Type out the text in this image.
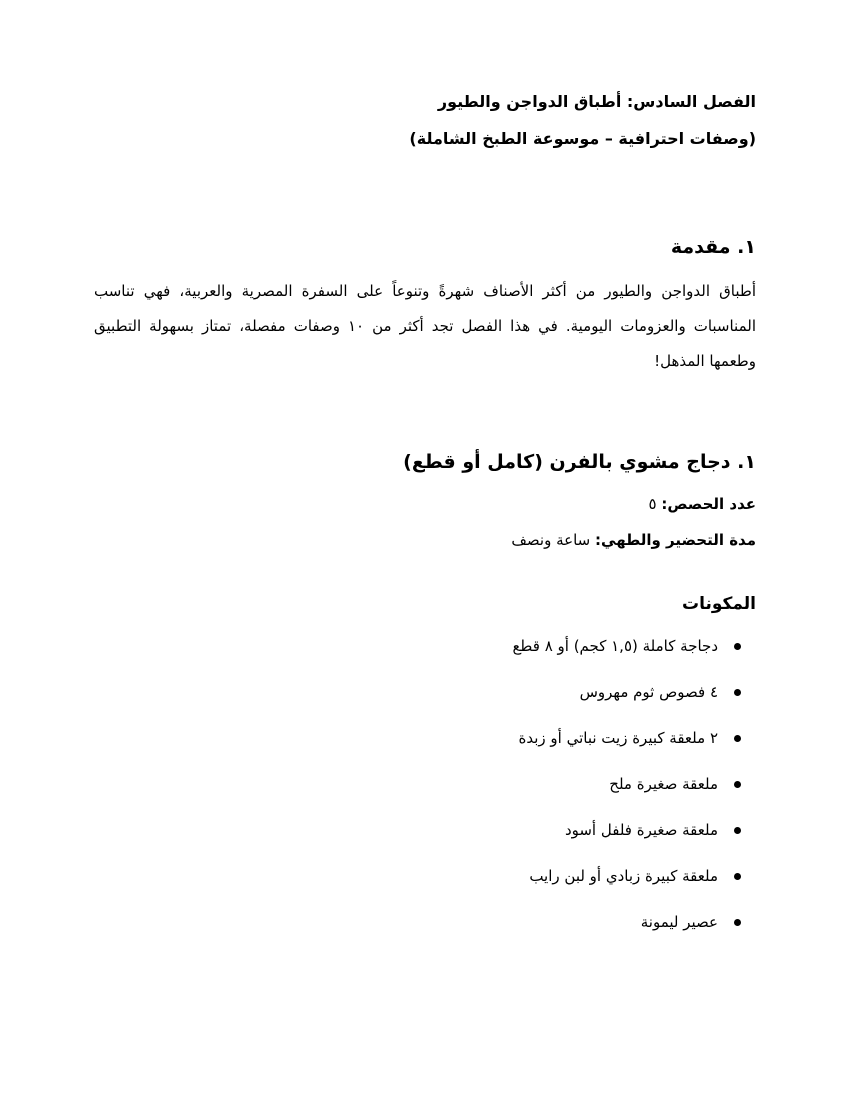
الفصل السادس: أطباق الدواجن والطيور

(وصفات احترافية – موسوعة الطبخ الشاملة)

١. مقدمة

أطباق الدواجن والطيور من أكثر الأصناف شهرةً وتنوعاً على السفرة المصرية والعربية، فهي تناسب المناسبات والعزومات اليومية. في هذا الفصل تجد أكثر من ١٠ وصفات مفصلة، تمتاز بسهولة التطبيق وطعمها المذهل!

١. دجاج مشوي بالفرن (كامل أو قطع)

عدد الحصص: ٥

مدة التحضير والطهي: ساعة ونصف

المكونات
دجاجة كاملة (١,٥ كجم) أو ٨ قطع
٤ فصوص ثوم مهروس
٢ ملعقة كبيرة زيت نباتي أو زبدة
ملعقة صغيرة ملح
ملعقة صغيرة فلفل أسود
ملعقة كبيرة زبادي أو لبن رايب
عصير ليمونة
